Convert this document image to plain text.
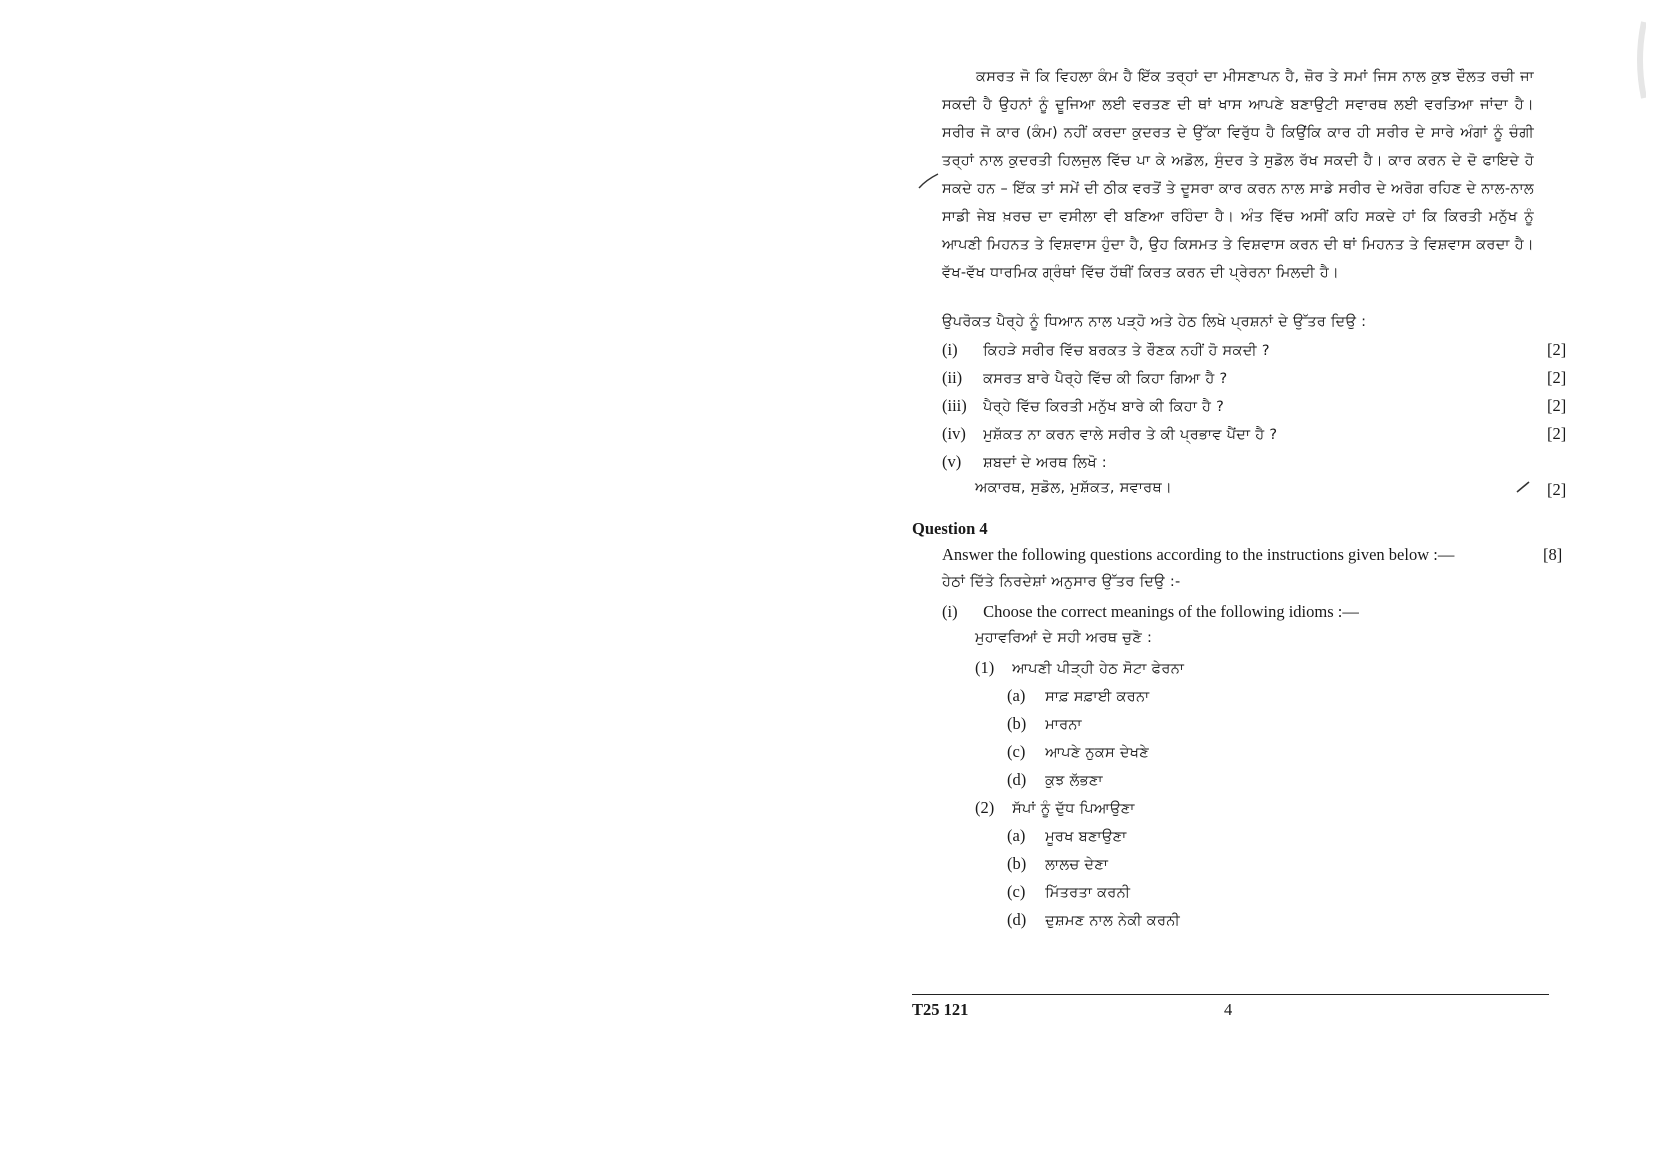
ਕਸਰਤ ਜੋ ਕਿ ਵਿਹਲਾ ਕੰਮ ਹੈ ਇੱਕ ਤਰ੍ਹਾਂ ਦਾ ਮੀਸਣਾਪਨ ਹੈ, ਜ਼ੋਰ ਤੇ ਸਮਾਂ ਜਿਸ ਨਾਲ ਕੁਝ ਦੌਲਤ ਰਚੀ ਜਾ ਸਕਦੀ ਹੈ ਉਹਨਾਂ ਨੂੰ ਦੂਜਿਆ ਲਈ ਵਰਤਣ ਦੀ ਥਾਂ ਖਾਸ ਆਪਣੇ ਬਣਾਉਟੀ ਸਵਾਰਥ ਲਈ ਵਰਤਿਆ ਜਾਂਦਾ ਹੈ। ਸਰੀਰ ਜੋ ਕਾਰ (ਕੰਮ) ਨਹੀਂ ਕਰਦਾ ਕੁਦਰਤ ਦੇ ਉੱਕਾ ਵਿਰੁੱਧ ਹੈ ਕਿਉਂਕਿ ਕਾਰ ਹੀ ਸਰੀਰ ਦੇ ਸਾਰੇ ਅੰਗਾਂ ਨੂੰ ਚੰਗੀ ਤਰ੍ਹਾਂ ਨਾਲ ਕੁਦਰਤੀ ਹਿਲਜੁਲ ਵਿੱਚ ਪਾ ਕੇ ਅਡੋਲ, ਸੁੰਦਰ ਤੇ ਸੁਡੋਲ ਰੱਖ ਸਕਦੀ ਹੈ। ਕਾਰ ਕਰਨ ਦੇ ਦੋ ਫਾਇਦੇ ਹੋ ਸਕਦੇ ਹਨ – ਇੱਕ ਤਾਂ ਸਮੇਂ ਦੀ ਠੀਕ ਵਰਤੋਂ ਤੇ ਦੂਸਰਾ ਕਾਰ ਕਰਨ ਨਾਲ ਸਾਡੇ ਸਰੀਰ ਦੇ ਅਰੋਗ ਰਹਿਣ ਦੇ ਨਾਲ-ਨਾਲ ਸਾਡੀ ਜੇਬ ਖ਼ਰਚ ਦਾ ਵਸੀਲਾ ਵੀ ਬਣਿਆ ਰਹਿੰਦਾ ਹੈ। ਅੰਤ ਵਿੱਚ ਅਸੀਂ ਕਹਿ ਸਕਦੇ ਹਾਂ ਕਿ ਕਿਰਤੀ ਮਨੁੱਖ ਨੂੰ ਆਪਣੀ ਮਿਹਨਤ ਤੇ ਵਿਸ਼ਵਾਸ ਹੁੰਦਾ ਹੈ, ਉਹ ਕਿਸਮਤ ਤੇ ਵਿਸ਼ਵਾਸ ਕਰਨ ਦੀ ਥਾਂ ਮਿਹਨਤ ਤੇ ਵਿਸ਼ਵਾਸ ਕਰਦਾ ਹੈ। ਵੱਖ-ਵੱਖ ਧਾਰਮਿਕ ਗ੍ਰੰਥਾਂ ਵਿੱਚ ਹੱਥੀਂ ਕਿਰਤ ਕਰਨ ਦੀ ਪ੍ਰੇਰਨਾ ਮਿਲਦੀ ਹੈ।
ਉਪਰੋਕਤ ਪੈਰ੍ਹੇ ਨੂੰ ਧਿਆਨ ਨਾਲ ਪੜ੍ਹੋ ਅਤੇ ਹੇਠ ਲਿਖੇ ਪ੍ਰਸ਼ਨਾਂ ਦੇ ਉੱਤਰ ਦਿਉ :
(i) ਕਿਹੜੇ ਸਰੀਰ ਵਿੱਚ ਬਰਕਤ ਤੇ ਰੌਣਕ ਨਹੀਂ ਹੋ ਸਕਦੀ ?	[2]
(ii) ਕਸਰਤ ਬਾਰੇ ਪੈਰ੍ਹੇ ਵਿੱਚ ਕੀ ਕਿਹਾ ਗਿਆ ਹੈ ?	[2]
(iii) ਪੈਰ੍ਹੇ ਵਿੱਚ ਕਿਰਤੀ ਮਨੁੱਖ ਬਾਰੇ ਕੀ ਕਿਹਾ ਹੈ ?	[2]
(iv) ਮੁਸ਼ੱਕਤ ਨਾ ਕਰਨ ਵਾਲੇ ਸਰੀਰ ਤੇ ਕੀ ਪ੍ਰਭਾਵ ਪੈਂਦਾ ਹੈ ?	[2]
(v) ਸ਼ਬਦਾਂ ਦੇ ਅਰਥ ਲਿਖੋ :
ਅਕਾਰਥ, ਸੁਡੋਲ, ਮੁਸ਼ੱਕਤ, ਸਵਾਰਥ।	[2]
Question 4
Answer the following questions according to the instructions given below :—	[8]
ਹੇਠਾਂ ਦਿੱਤੇ ਨਿਰਦੇਸ਼ਾਂ ਅਨੁਸਾਰ ਉੱਤਰ ਦਿਉ :-
(i) Choose the correct meanings of the following idioms :—
ਮੁਹਾਵਰਿਆਂ ਦੇ ਸਹੀ ਅਰਥ ਚੁਣੋ :
(1) ਆਪਣੀ ਪੀੜ੍ਹੀ ਹੇਠ ਸੋਟਾ ਫੇਰਨਾ
(a) ਸਾਫ਼ ਸਫ਼ਾਈ ਕਰਨਾ
(b) ਮਾਰਨਾ
(c) ਆਪਣੇ ਨੁਕਸ ਦੇਖਣੇ
(d) ਕੁਝ ਲੱਭਣਾ
(2) ਸੱਪਾਂ ਨੂੰ ਦੁੱਧ ਪਿਆਉਣਾ
(a) ਮੂਰਖ ਬਣਾਉਣਾ
(b) ਲਾਲਚ ਦੇਣਾ
(c) ਮਿੱਤਰਤਾ ਕਰਨੀ
(d) ਦੁਸ਼ਮਣ ਨਾਲ ਨੇਕੀ ਕਰਨੀ
T25 121	4
